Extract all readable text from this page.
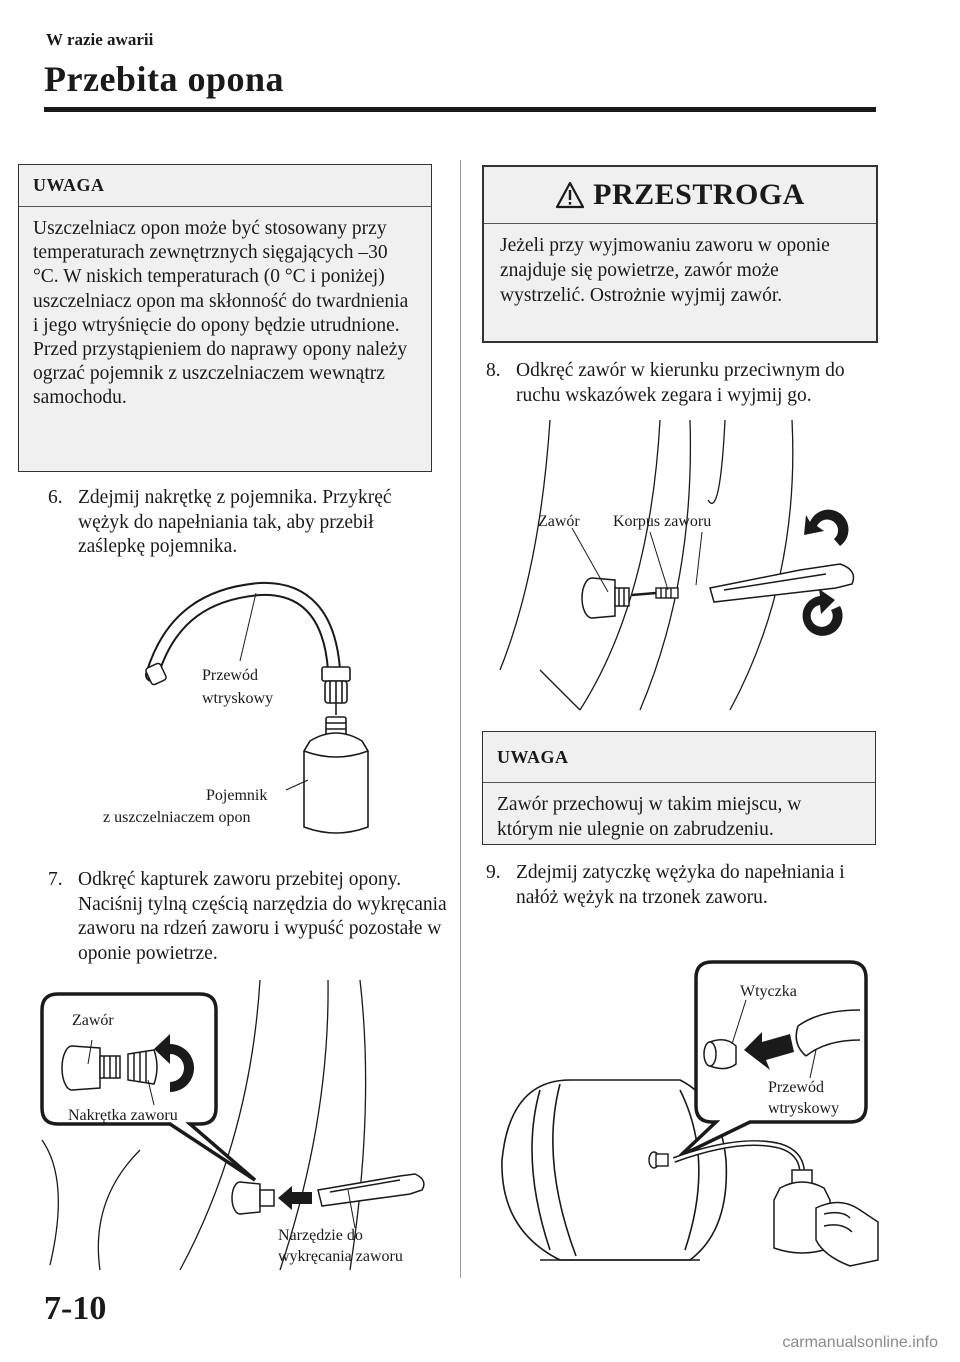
W razie awarii
Przebita opona
UWAGA
Uszczelniacz opon może być stosowany przy temperaturach zewnętrznych sięgających –30 °C. W niskich temperaturach (0 °C i poniżej) uszczelniacz opon ma skłonność do twardnienia i jego wtryśnięcie do opony będzie utrudnione. Przed przystąpieniem do naprawy opony należy ogrzać pojemnik z uszczelniaczem wewnątrz samochodu.
6. Zdejmij nakrętkę z pojemnika. Przykręć wężyk do napełniania tak, aby przebił zaślepkę pojemnika.
Przewód
wtryskowy
Pojemnik
z uszczelniaczem opon
7. Odkręć kapturek zaworu przebitej opony. Naciśnij tylną częścią narzędzia do wykręcania zaworu na rdzeń zaworu i wypuść pozostałe w oponie powietrze.
Zawór
Nakrętka zaworu
Narzędzie do
wykręcania zaworu
PRZESTROGA
Jeżeli przy wyjmowaniu zaworu w oponie znajduje się powietrze, zawór może wystrzelić. Ostrożnie wyjmij zawór.
8. Odkręć zawór w kierunku przeciwnym do ruchu wskazówek zegara i wyjmij go.
Zawór Korpus zaworu
UWAGA
Zawór przechowuj w takim miejscu, w którym nie ulegnie on zabrudzeniu.
9. Zdejmij zatyczkę wężyka do napełniania i nałóż wężyk na trzonek zaworu.
Wtyczka
Przewód
wtryskowy
7-10
carmanualsonline.info
